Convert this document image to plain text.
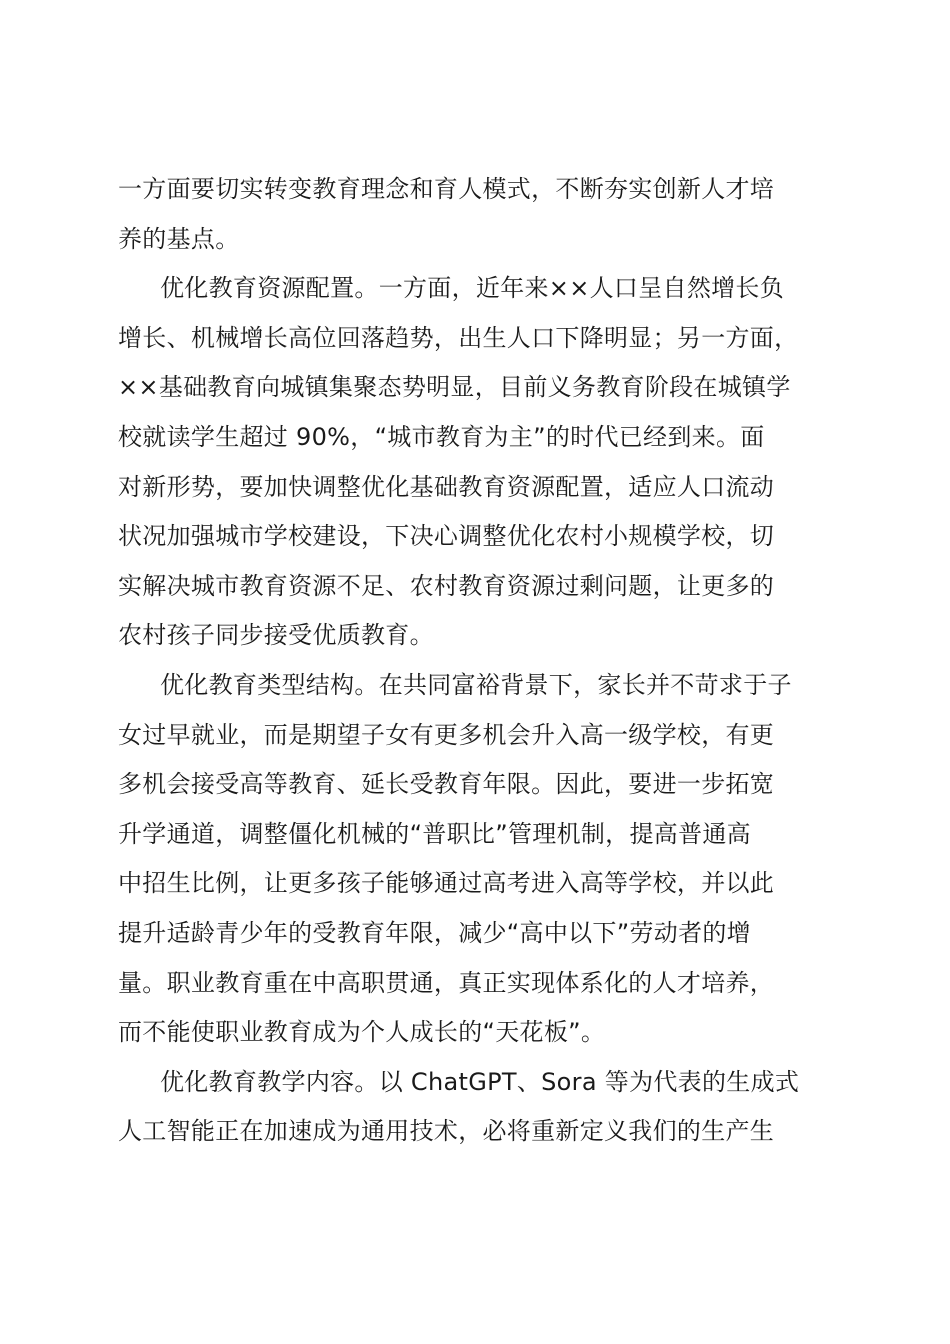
一方面要切实转变教育理念和育人模式，不断夯实创新人才培
养的基点。
优化教育资源配置。一方面，近年来××人口呈自然增长负
增长、机械增长高位回落趋势，出生人口下降明显；另一方面，
××基础教育向城镇集聚态势明显，目前义务教育阶段在城镇学
校就读学生超过 90%，“城市教育为主”的时代已经到来。面
对新形势，要加快调整优化基础教育资源配置，适应人口流动
状况加强城市学校建设，下决心调整优化农村小规模学校，切
实解决城市教育资源不足、农村教育资源过剩问题，让更多的
农村孩子同步接受优质教育。
优化教育类型结构。在共同富裕背景下，家长并不苛求于子
女过早就业，而是期望子女有更多机会升入高一级学校，有更
多机会接受高等教育、延长受教育年限。因此，要进一步拓宽
升学通道，调整僵化机械的“普职比”管理机制，提高普通高
中招生比例，让更多孩子能够通过高考进入高等学校，并以此
提升适龄青少年的受教育年限，减少“高中以下”劳动者的增
量。职业教育重在中高职贯通，真正实现体系化的人才培养，
而不能使职业教育成为个人成长的“天花板”。
优化教育教学内容。以 ChatGPT、Sora 等为代表的生成式
人工智能正在加速成为通用技术，必将重新定义我们的生产生
